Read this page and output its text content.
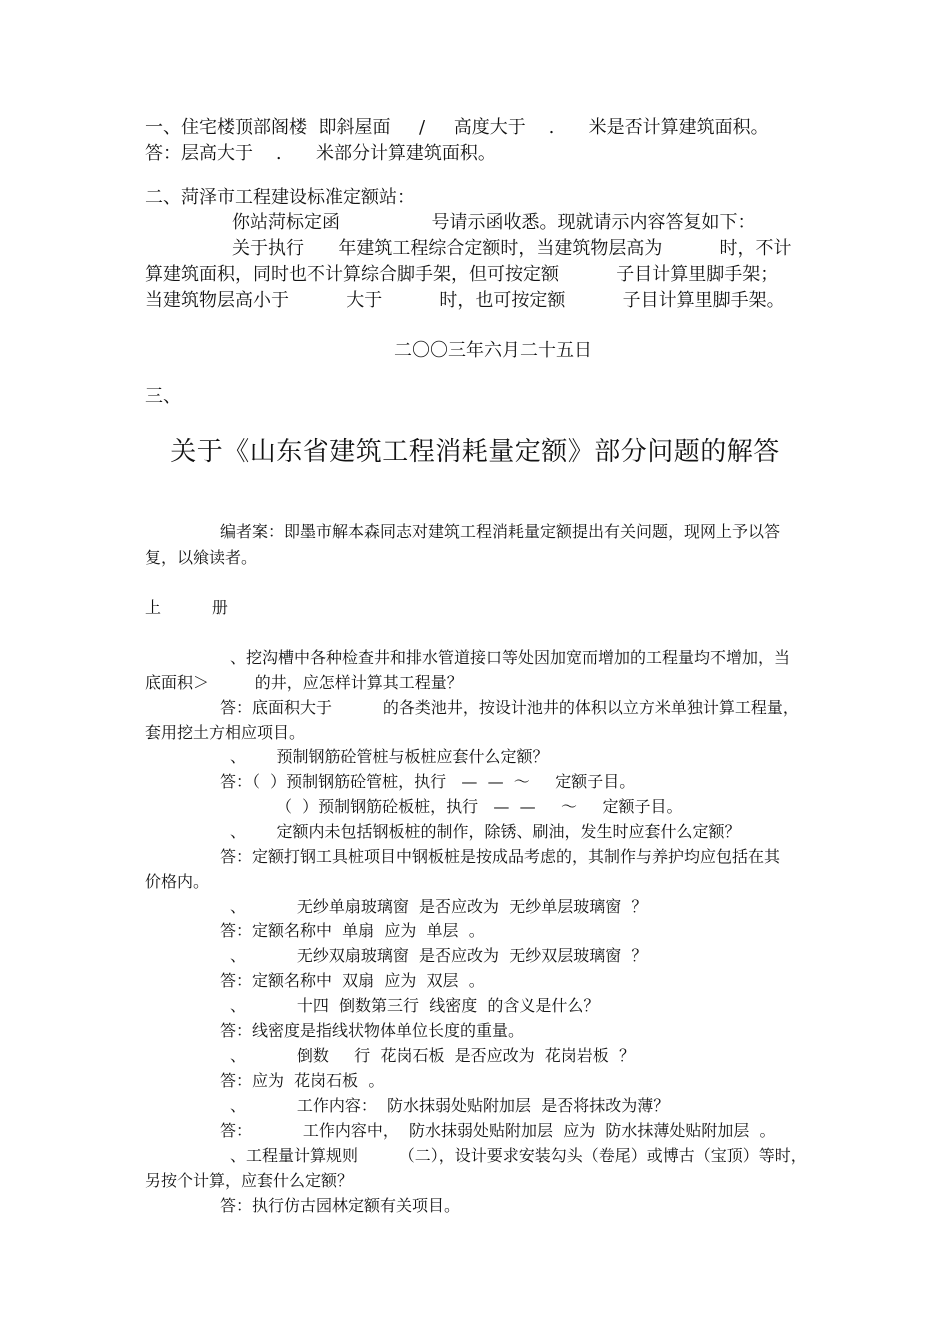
一、住宅楼顶部阁楼  即斜屋面     /     高度大于    .      米是否计算建筑面积。
答：层高大于    .      米部分计算建筑面积。
二、菏泽市工程建设标准定额站：
你站菏标定函                号请示函收悉。现就请示内容答复如下：
关于执行      年建筑工程综合定额时，当建筑物层高为          时，不计
算建筑面积，同时也不计算综合脚手架，但可按定额          子目计算里脚手架；
当建筑物层高小于          大于          时，也可按定额          子目计算里脚手架。
二〇〇三年六月二十五日
三、
关于《山东省建筑工程消耗量定额》部分问题的解答
编者案：即墨市解本森同志对建筑工程消耗量定额提出有关问题，现网上予以答
复，以飨读者。
上          册
、挖沟槽中各种检查井和排水管道接口等处因加宽而增加的工程量均不增加，当
底面积＞         的井，应怎样计算其工程量？
答：底面积大于          的各类池井，按设计池井的体积以立方米单独计算工程量，
套用挖土方相应项目。
、      预制钢筋砼管桩与板桩应套什么定额？
答：（  ）预制钢筋砼管桩，执行   —  —  ～     定额子目。
（  ）预制钢筋砼板桩，执行   —  —     ～     定额子目。
、      定额内未包括钢板桩的制作，除锈、刷油，发生时应套什么定额？
答：定额打钢工具桩项目中钢板桩是按成品考虑的，其制作与养护均应包括在其
价格内。
、          无纱单扇玻璃窗  是否应改为  无纱单层玻璃窗  ？
答：定额名称中  单扇  应为  单层  。
、          无纱双扇玻璃窗  是否应改为  无纱双层玻璃窗  ？
答：定额名称中  双扇  应为  双层  。
、          十四  倒数第三行  线密度  的含义是什么？
答：线密度是指线状物体单位长度的重量。
、          倒数     行  花岗石板  是否应改为  花岗岩板  ？
答：应为  花岗石板  。
、          工作内容：  防水抹弱处贴附加层  是否将抹改为薄？
答：          工作内容中，  防水抹弱处贴附加层  应为  防水抹薄处贴附加层  。
、工程量计算规则        （二），设计要求安装勾头（卷尾）或博古（宝顶）等时，
另按个计算，应套什么定额？
答：执行仿古园林定额有关项目。
